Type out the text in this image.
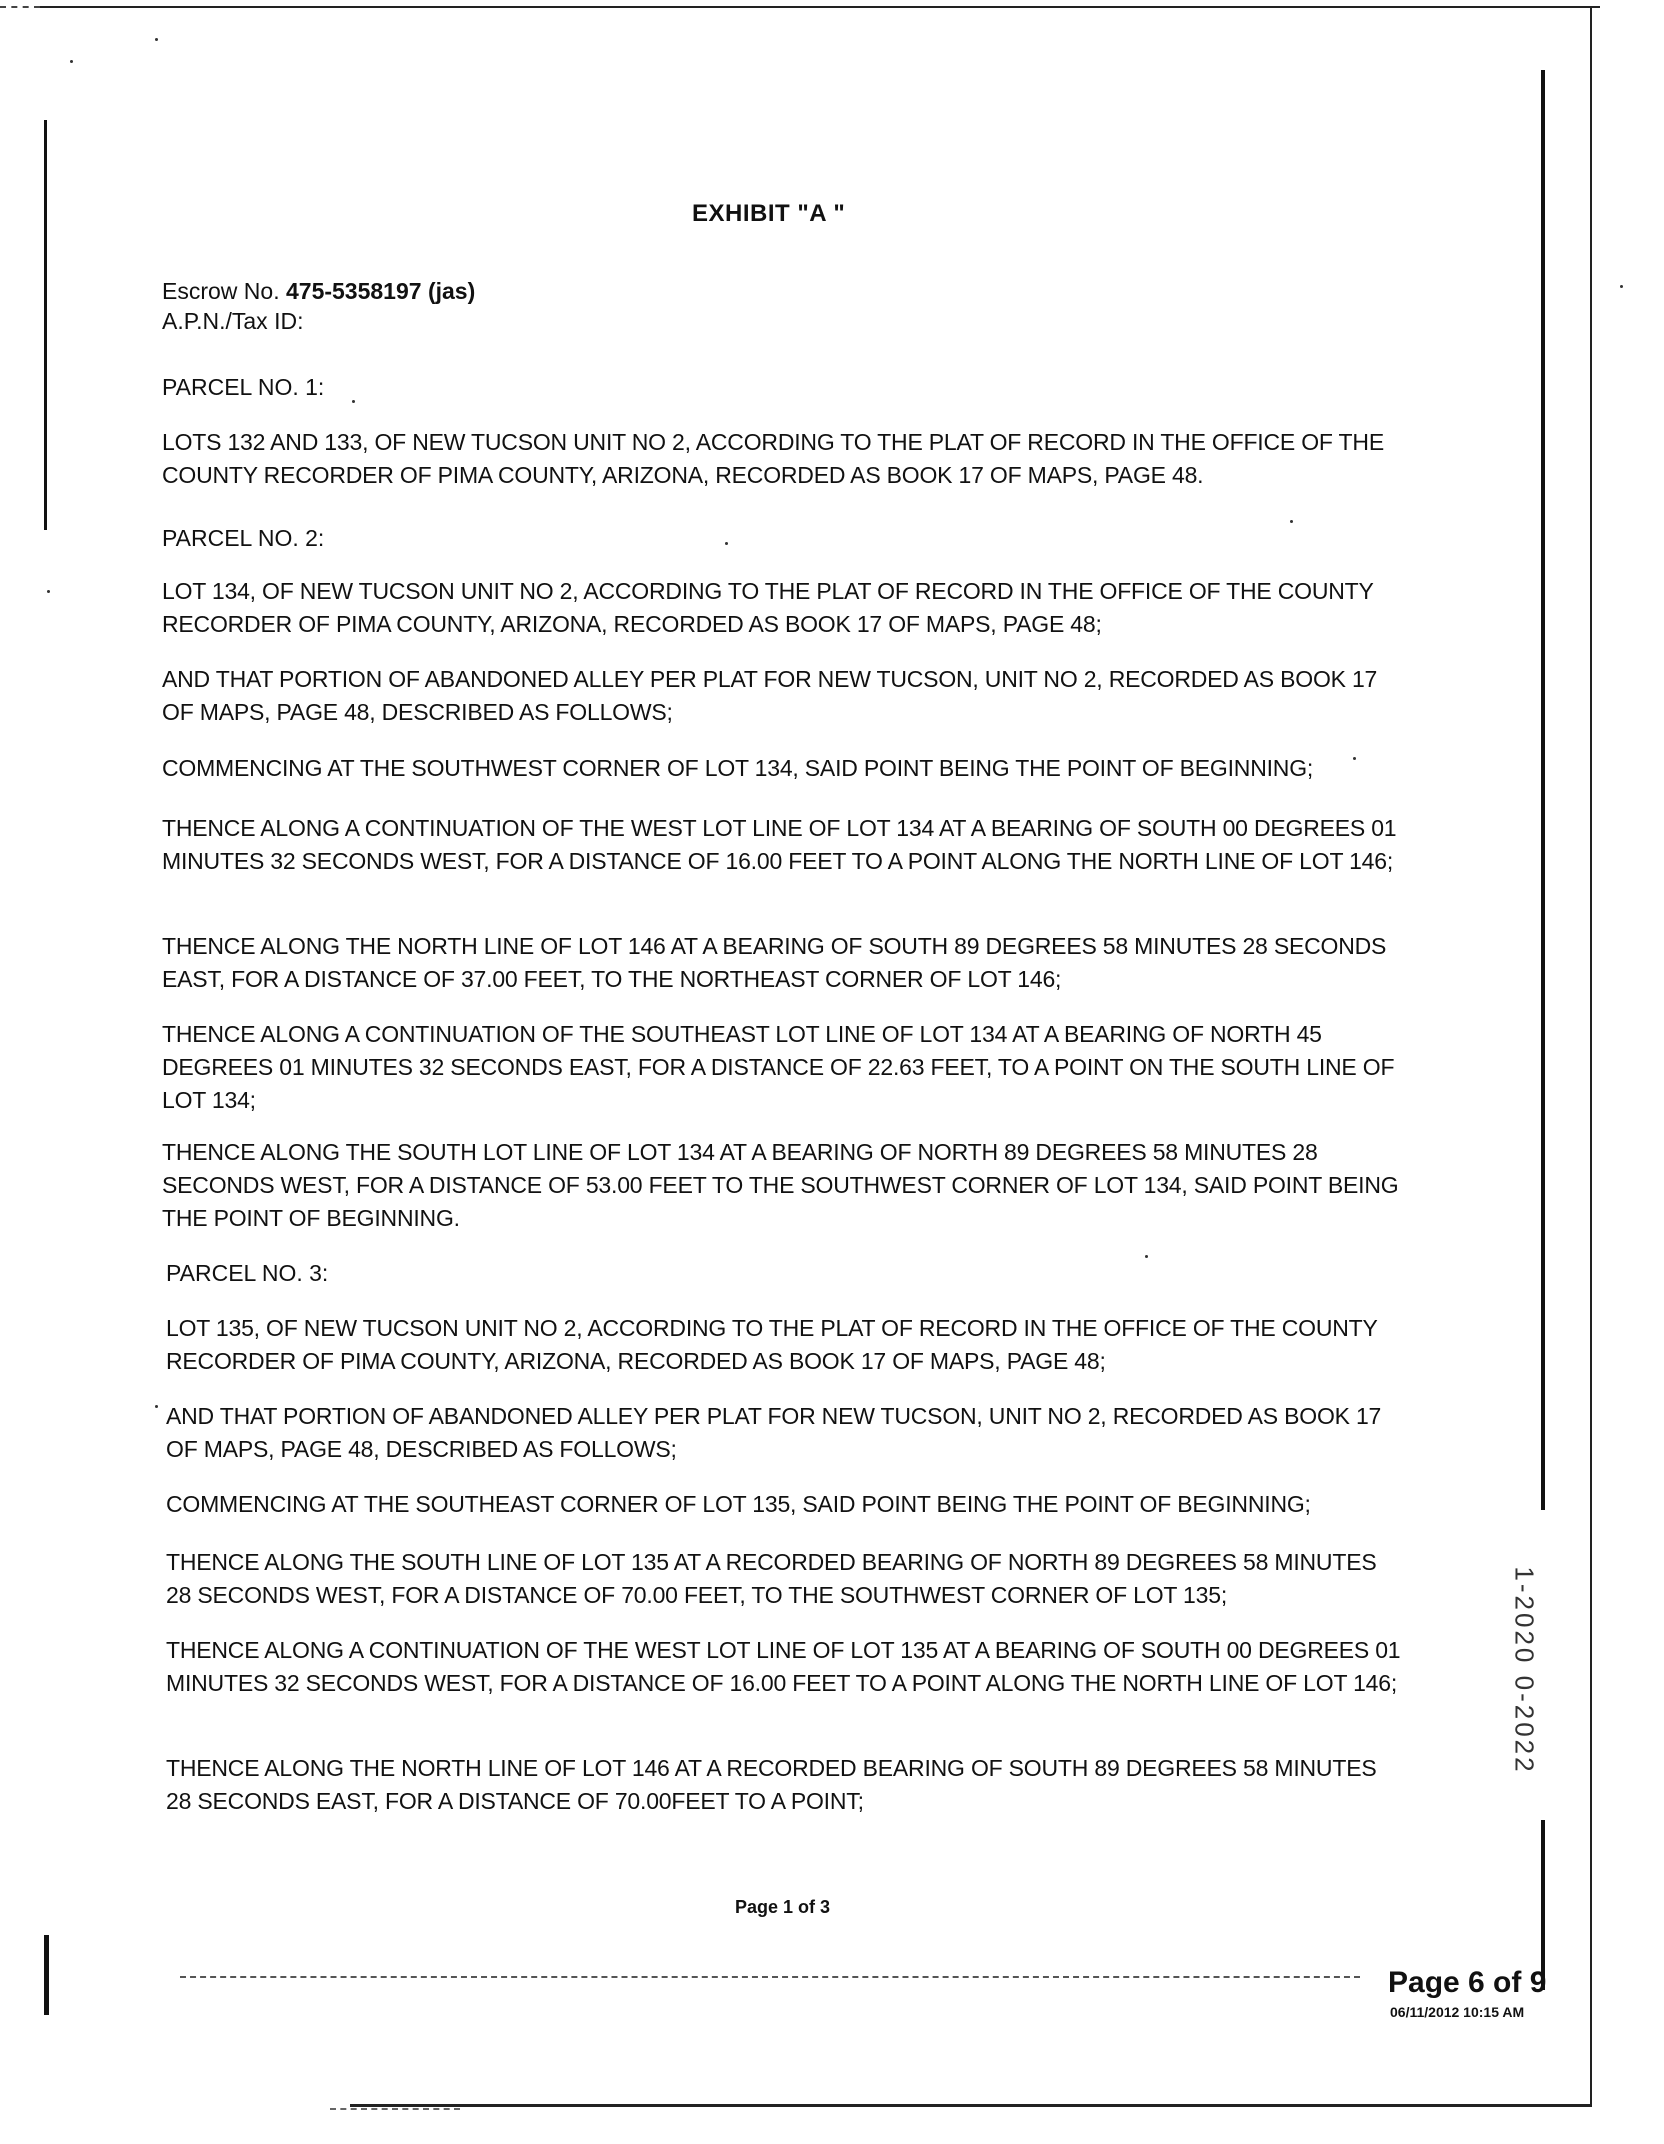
1-2020 0-2022
EXHIBIT "A "
Escrow No. 475-5358197 (jas)
A.P.N./Tax ID:
PARCEL NO. 1:
LOTS 132 AND 133, OF NEW TUCSON UNIT NO 2, ACCORDING TO THE PLAT OF RECORD IN THE OFFICE OF THE COUNTY RECORDER OF PIMA COUNTY, ARIZONA, RECORDED AS BOOK 17 OF MAPS, PAGE 48.
PARCEL NO. 2:
LOT 134, OF NEW TUCSON UNIT NO 2, ACCORDING TO THE PLAT OF RECORD IN THE OFFICE OF THE COUNTY RECORDER OF PIMA COUNTY, ARIZONA, RECORDED AS BOOK 17 OF MAPS, PAGE 48;
AND THAT PORTION OF ABANDONED ALLEY PER PLAT FOR NEW TUCSON, UNIT NO 2, RECORDED AS BOOK 17 OF MAPS, PAGE 48, DESCRIBED AS FOLLOWS;
COMMENCING AT THE SOUTHWEST CORNER OF LOT 134, SAID POINT BEING THE POINT OF BEGINNING;
THENCE ALONG A CONTINUATION OF THE WEST LOT LINE OF LOT 134 AT A BEARING OF SOUTH 00 DEGREES 01 MINUTES 32 SECONDS WEST, FOR A DISTANCE OF 16.00 FEET TO A POINT ALONG THE NORTH LINE OF LOT 146;
THENCE ALONG THE NORTH LINE OF LOT 146 AT A BEARING OF SOUTH 89 DEGREES 58 MINUTES 28 SECONDS EAST, FOR A DISTANCE OF 37.00 FEET, TO THE NORTHEAST CORNER OF LOT 146;
THENCE ALONG A CONTINUATION OF THE SOUTHEAST LOT LINE OF LOT 134 AT A BEARING OF NORTH 45 DEGREES 01 MINUTES 32 SECONDS EAST, FOR A DISTANCE OF 22.63 FEET, TO A POINT ON THE SOUTH LINE OF LOT 134;
THENCE ALONG THE SOUTH LOT LINE OF LOT 134 AT A BEARING OF NORTH 89 DEGREES 58 MINUTES 28 SECONDS WEST, FOR A DISTANCE OF 53.00 FEET TO THE SOUTHWEST CORNER OF LOT 134, SAID POINT BEING THE POINT OF BEGINNING.
PARCEL NO. 3:
LOT 135, OF NEW TUCSON UNIT NO 2, ACCORDING TO THE PLAT OF RECORD IN THE OFFICE OF THE COUNTY RECORDER OF PIMA COUNTY, ARIZONA, RECORDED AS BOOK 17 OF MAPS, PAGE 48;
AND THAT PORTION OF ABANDONED ALLEY PER PLAT FOR NEW TUCSON, UNIT NO 2, RECORDED AS BOOK 17 OF MAPS, PAGE 48, DESCRIBED AS FOLLOWS;
COMMENCING AT THE SOUTHEAST CORNER OF LOT 135, SAID POINT BEING THE POINT OF BEGINNING;
THENCE ALONG THE SOUTH LINE OF LOT 135 AT A RECORDED BEARING OF NORTH 89 DEGREES 58 MINUTES 28 SECONDS WEST, FOR A DISTANCE OF 70.00 FEET, TO THE SOUTHWEST CORNER OF LOT 135;
THENCE ALONG A CONTINUATION OF THE WEST LOT LINE OF LOT 135 AT A BEARING OF SOUTH 00 DEGREES 01 MINUTES 32 SECONDS WEST, FOR A DISTANCE OF 16.00 FEET TO A POINT ALONG THE NORTH LINE OF LOT 146;
THENCE ALONG THE NORTH LINE OF LOT 146 AT A RECORDED BEARING OF SOUTH 89 DEGREES 58 MINUTES 28 SECONDS EAST, FOR A DISTANCE OF 70.00FEET TO A POINT;
Page 1 of 3
Page 6 of 9
06/11/2012 10:15 AM
